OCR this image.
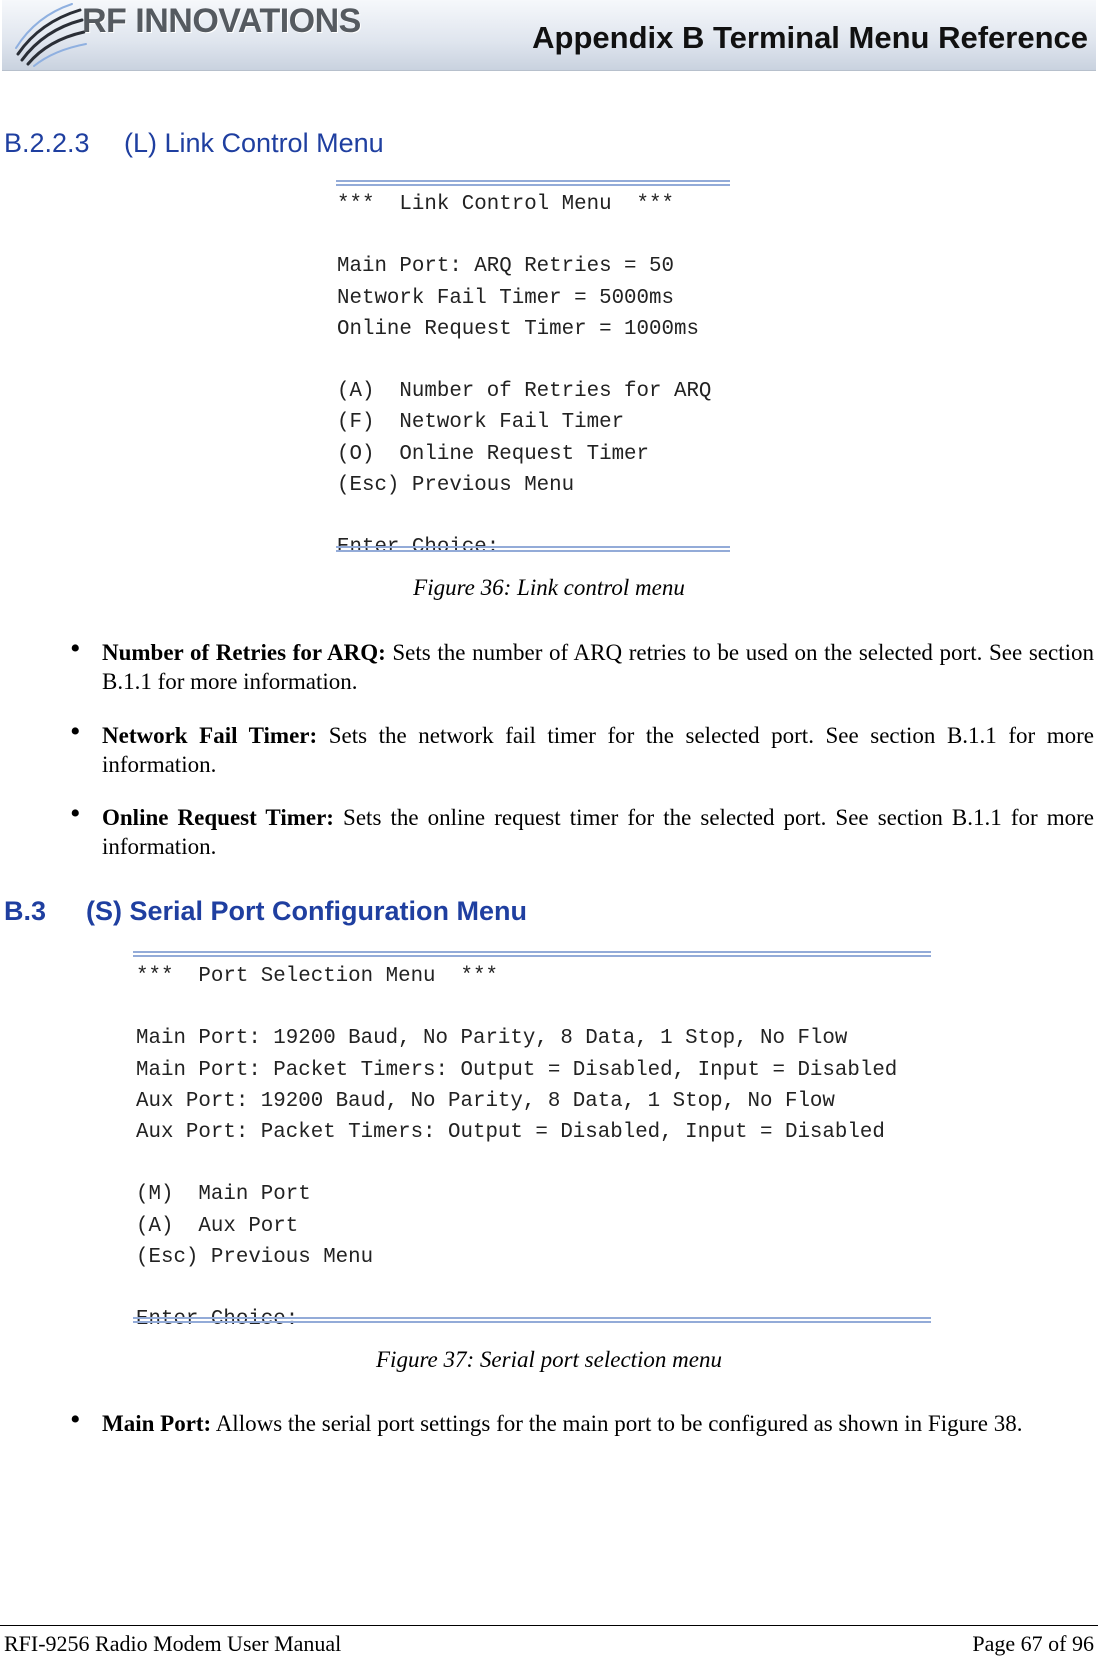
RF INNOVATIONS	Appendix B Terminal Menu Reference
B.2.2.3 (L) Link Control Menu
***  Link Control Menu  ***

Main Port: ARQ Retries = 50
Network Fail Timer = 5000ms
Online Request Timer = 1000ms

(A)  Number of Retries for ARQ
(F)  Network Fail Timer
(O)  Online Request Timer
(Esc) Previous Menu

Enter Choice:
Figure 36: Link control menu
• Number of Retries for ARQ: Sets the number of ARQ retries to be used on the selected port. See section B.1.1 for more information.
• Network Fail Timer: Sets the network fail timer for the selected port. See section B.1.1 for more information.
• Online Request Timer: Sets the online request timer for the selected port. See section B.1.1 for more information.
B.3 (S) Serial Port Configuration Menu
***  Port Selection Menu  ***

Main Port: 19200 Baud, No Parity, 8 Data, 1 Stop, No Flow
Main Port: Packet Timers: Output = Disabled, Input = Disabled
Aux Port: 19200 Baud, No Parity, 8 Data, 1 Stop, No Flow
Aux Port: Packet Timers: Output = Disabled, Input = Disabled

(M)  Main Port
(A)  Aux Port
(Esc) Previous Menu

Enter Choice:
Figure 37: Serial port selection menu
• Main Port: Allows the serial port settings for the main port to be configured as shown in Figure 38.
RFI-9256 Radio Modem User Manual	Page 67 of 96
